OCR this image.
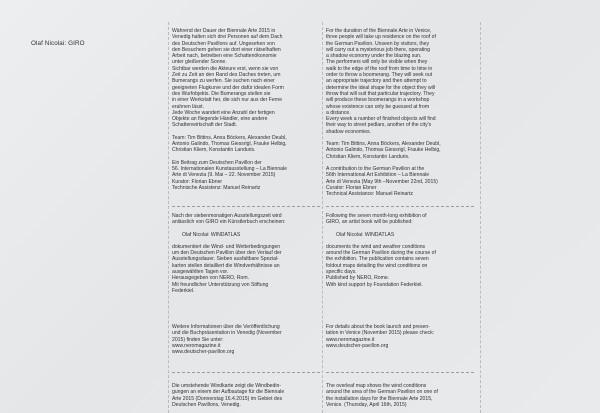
Olaf Nicolai: GIRO

Während der Dauer der Biennale Arte 2015 in
Venedig halten sich drei Personen auf dem Dach
des Deutschen Pavillons auf. Ungesehen von
den Besuchern gehen sie dort einer rätselhaften
Arbeit nach, betreiben eine Schattenökonomie
unter gleißender Sonne.
Sichtbar werden die Akteure erst, wenn sie von
Zeit zu Zeit an den Rand des Daches treten, um
Bumerangs zu werfen. Sie suchen nach einer
geeigneten Flugkurve und der dafür idealen Form
des Wurfobjekts. Die Bumerangs stellen sie
in einer Werkstatt her, die sich nur aus der Ferne
erahnen lässt.
Jede Woche wandert eine Anzahl der fertigen
Objekte an fliegende Händler, eine andere
Schattenwirtschaft der Stadt.

Team: Tim Bittins, Anna Böckers, Alexander Deubl,
Antonio Galindo, Thomas Giessrigl, Frauke Helbig,
Christian Kliem, Konstantin Landuris.

Ein Beitrag zum Deutschen Pavillon der
56. Internationalen Kunstausstellung – La Biennale
Arte di Venezia (9. Mai – 22. November 2015)
Kurator: Florian Ebner
Technische Assistenz: Manuel Reinartz

Nach der siebenmonatigen Ausstellungszeit wird
anlässlich von GIRO ein Künstlerbuch erscheinen:

Olaf Nicolai: WINDATLAS

dokumentiert die Wind- und Wetterbedingungen
um den Deutschen Pavillon über den Verlauf der
Ausstellungsdauer. Sieben ausfaltbare Spezial-
karten stellen detailliert die Windverhältnisse an
ausgewählten Tagen vor.
Herausgegeben von NERO, Rom.
Mit freundlicher Unterstützung von Stiftung
Federkiel.

Weitere Informationen über die Veröffentlichung
und die Buchpräsentation in Venedig (November
2015) finden Sie unter:
www.neromagazine.it
www.deutscher-pavillon.org

Die umstehende Windkarte zeigt die Windbedin-
gungen an einem der Aufbautage für die Biennale
Arte 2015 (Donnerstag 16.4.2015) im Gebiet des
Deutschen Pavillons, Venedig.

For the duration of the Biennale Arte in Venice,
three people will take up residence on the roof of
the German Pavilion. Unseen by visitors, they
will carry out a mysterious job there, operating
a shadow economy under the blazing sun.
The performers will only be visible when they
walk to the edge of the roof from time to time in
order to throw a boomerang. They will seek out
an appropriate trajectory and then attempt to
determine the ideal shape for the object they will
throw that will suit that particular trajectory. They
will produce these boomerangs in a workshop
whose existence can only be guessed at from
a distance.
Every week a number of finished objects will find
their way to street pedlars, another of the city's
shadow economies.

Team: Tim Bittins, Anna Böckers, Alexander Deubl,
Antonio Galindo, Thomas Giessrigl, Frauke Helbig,
Christian Kliem, Konstantin Landuris.

A contribution to the German Pavilion at the
56th International Art Exhibition – La Biennale
Arte di Venezia (May 9th –November 22nd, 2015)
Curator: Florian Ebner
Technical Assistance: Manuel Reinartz

Following the seven month-long exhibition of
GIRO, an artist book will be published:

Olaf Nicolai: WINDATLAS

documents the wind and weather conditions
around the German Pavilion during the course of
the exhibition. The publication contains seven
foldout maps detailing the wind conditions on
specific days.
Published by NERO, Rome.
With kind support by Foundation Federkiel.

For details about the book launch and presen-
tation in Venice (November 2015) please check:
www.neromagazine.it
www.deutscher-pavillon.org

The overleaf map shows the wind conditions
around the area of the German Pavilion on one of
the installation days for the Biennale Arte 2015,
Venice. (Thursday, April 16th, 2015)
